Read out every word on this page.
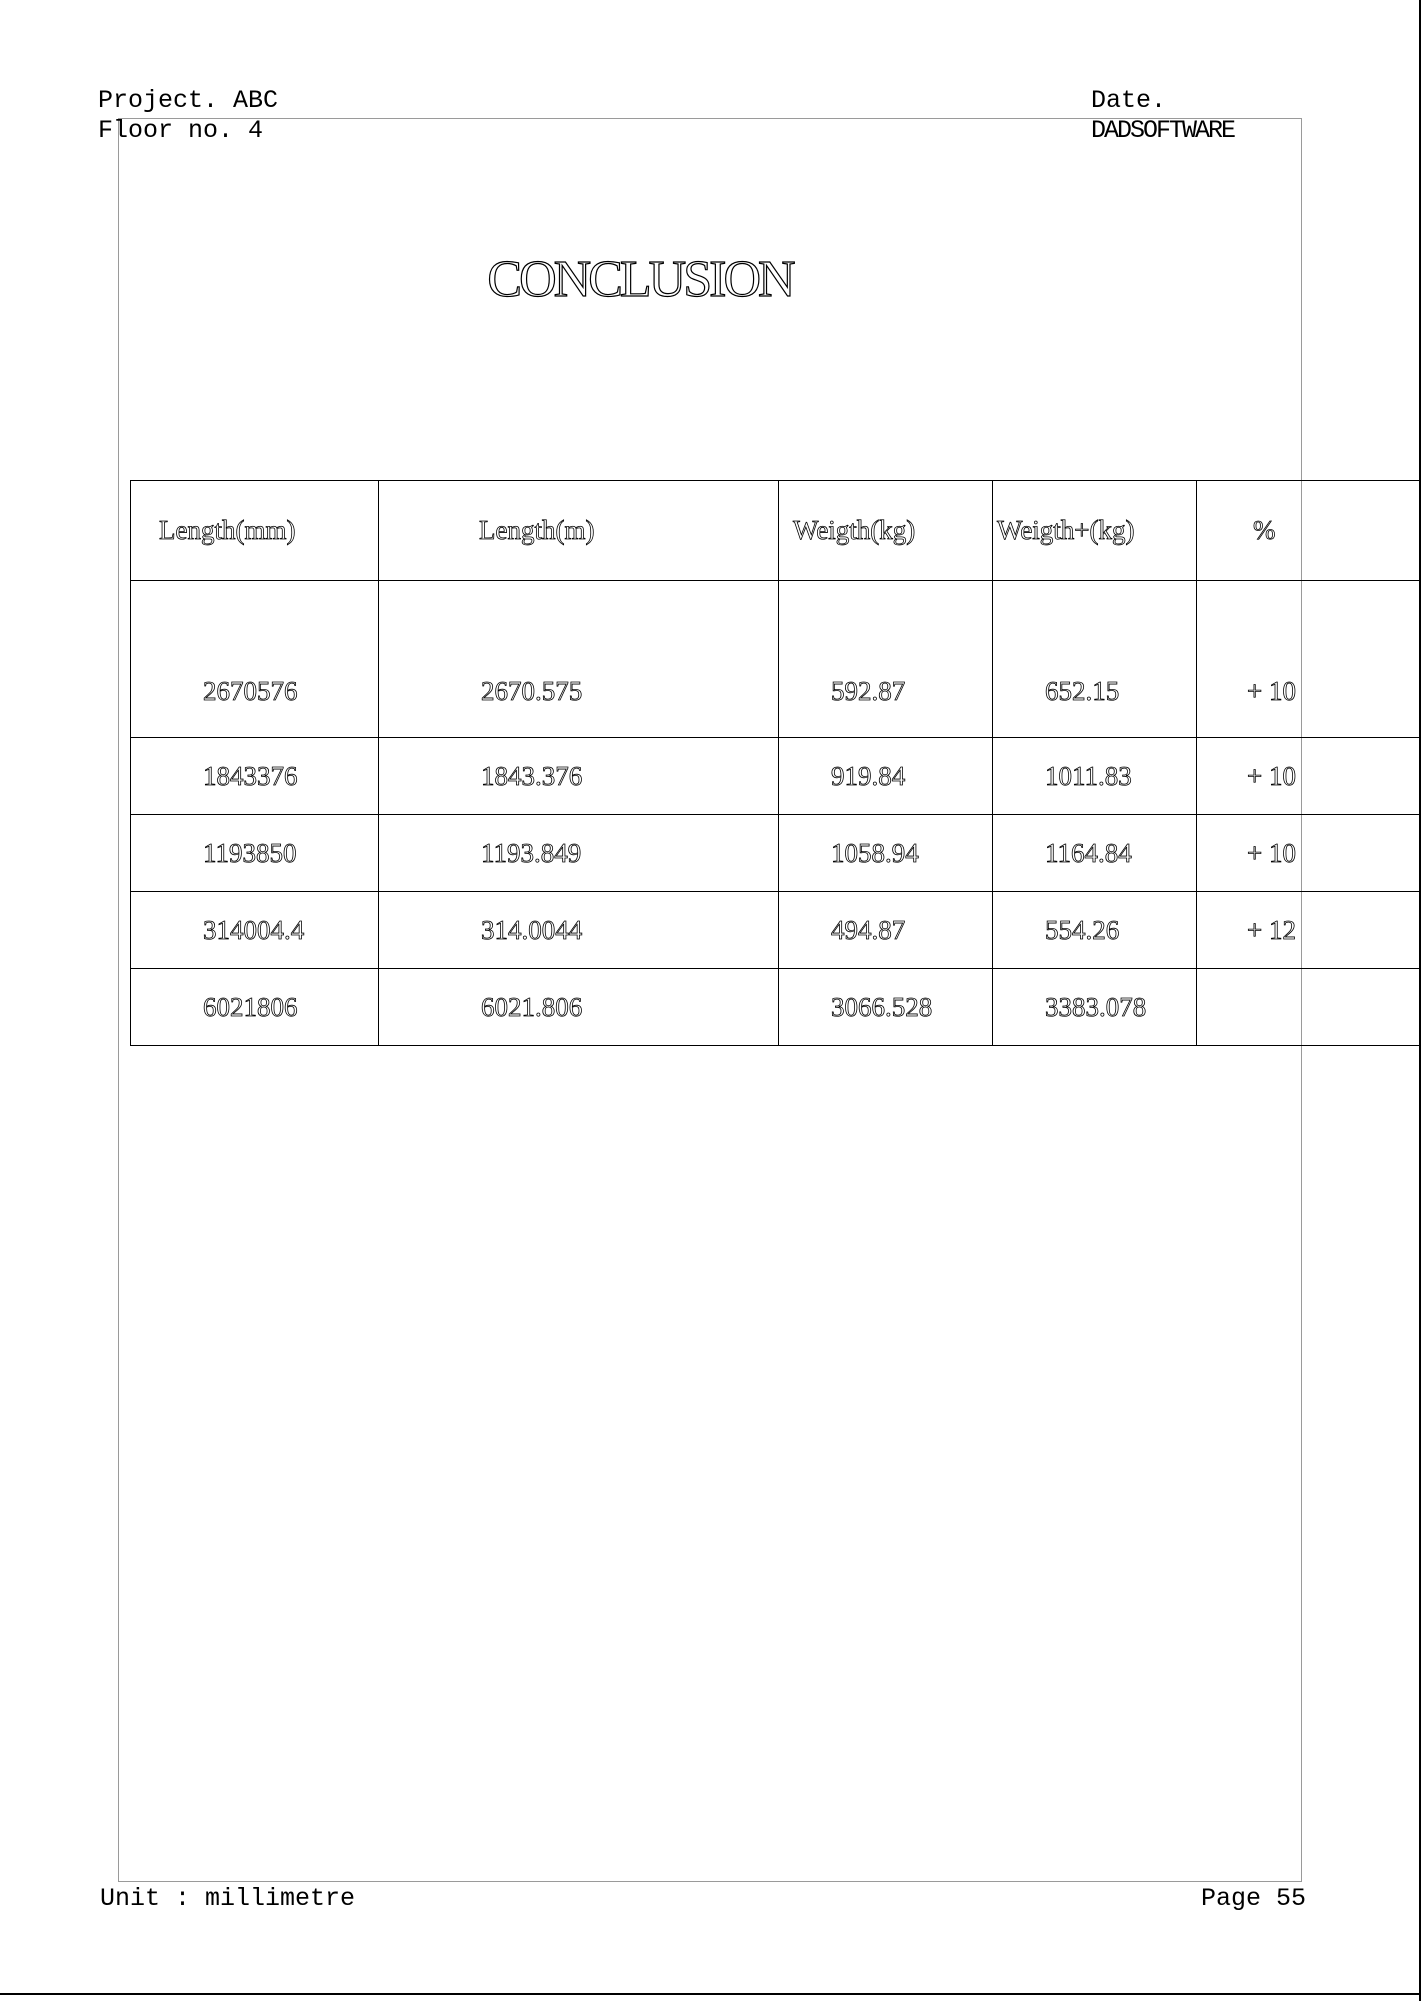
Project. ABC
Floor no. 4
Date.
DADSOFTWARE
CONCLUSION
Length(mm)	Length(m)	Weigth(kg)	Weigth+(kg)	%
2670576	2670.575	592.87	652.15	+ 10
1843376	1843.376	919.84	1011.83	+ 10
1193850	1193.849	1058.94	1164.84	+ 10
314004.4	314.0044	494.87	554.26	+ 12
6021806	6021.806	3066.528	3383.078	
Unit : millimetre	Page 55
